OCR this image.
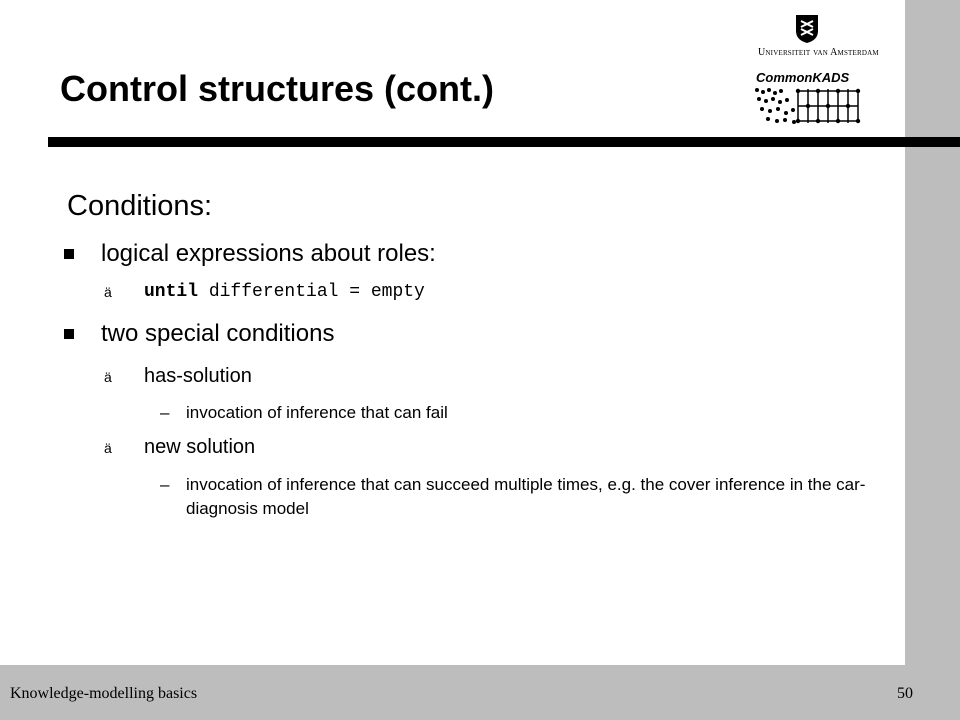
Universiteit van Amsterdam
CommonKADS
Control structures (cont.)
Conditions:
logical expressions about roles:
ä	until differential = empty
two special conditions
ä	has-solution
– invocation of inference that can fail
ä	new solution
– invocation of inference that can succeed multiple times, e.g. the cover inference in the car-diagnosis model
Knowledge-modelling basics	50
